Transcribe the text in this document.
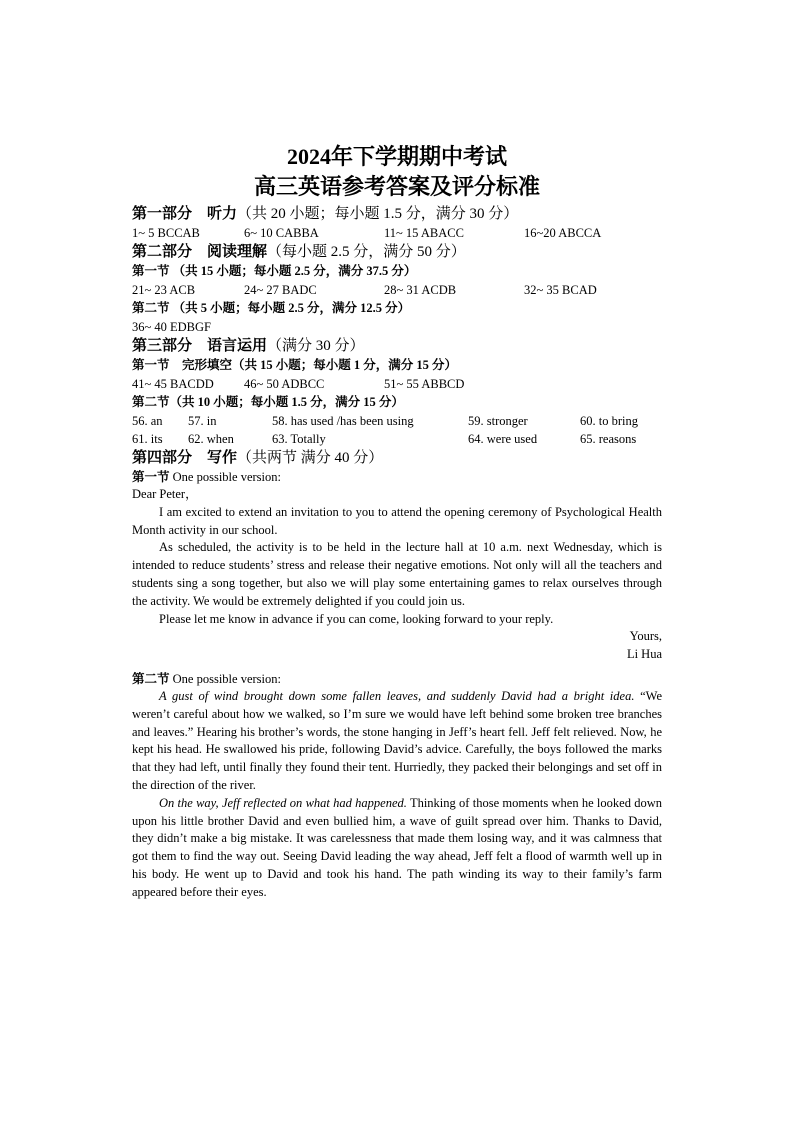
2024年下学期期中考试
高三英语参考答案及评分标准
第一部分　听力（共 20 小题；每小题 1.5 分，满分 30 分）
1~ 5 BCCAB	6~ 10 CABBA	11~ 15 ABACC	16~20 ABCCA
第二部分　阅读理解（每小题 2.5 分，满分 50 分）
第一节 （共 15 小题；每小题 2.5 分，满分 37.5 分）
21~ 23 ACB	24~ 27 BADC	28~ 31 ACDB	32~ 35 BCAD
第二节 （共 5 小题；每小题 2.5 分，满分 12.5 分）
36~ 40 EDBGF
第三部分　语言运用（满分 30 分）
第一节　完形填空（共 15 小题；每小题 1 分，满分 15 分）
41~ 45 BACDD 46~ 50 ADBCC	51~ 55 ABBCD
第二节（共 10 小题；每小题 1.5 分，满分 15 分）
56. an 57. in	58. has used /has been using	59. stronger	60. to bring
61. its 62. when	63. Totally	64. were used	65. reasons
第四部分　写作（共两节 满分 40 分）
第一节 One possible version:

Dear Peter，

I am excited to extend an invitation to you to attend the opening ceremony of Psychological Health Month activity in our school.

As scheduled, the activity is to be held in the lecture hall at 10 a.m. next Wednesday, which is intended to reduce students’ stress and release their negative emotions. Not only will all the teachers and students sing a song together, but also we will play some entertaining games to relax ourselves through the activity. We would be extremely delighted if you could join us.

Please let me know in advance if you can come, looking forward to your reply.

Yours,
Li Hua
第二节 One possible version:

A gust of wind brought down some fallen leaves, and suddenly David had a bright idea. “We weren’t careful about how we walked, so I’m sure we would have left behind some broken tree branches and leaves.” Hearing his brother’s words, the stone hanging in Jeff’s heart fell. Jeff felt relieved. Now, he kept his head. He swallowed his pride, following David’s advice. Carefully, the boys followed the marks that they had left, until finally they found their tent. Hurriedly, they packed their belongings and set off in the direction of the river.

On the way, Jeff reflected on what had happened. Thinking of those moments when he looked down upon his little brother David and even bullied him, a wave of guilt spread over him. Thanks to David, they didn’t make a big mistake. It was carelessness that made them losing way, and it was calmness that got them to find the way out. Seeing David leading the way ahead, Jeff felt a flood of warmth well up in his body. He went up to David and took his hand. The path winding its way to their family’s farm appeared before their eyes.
